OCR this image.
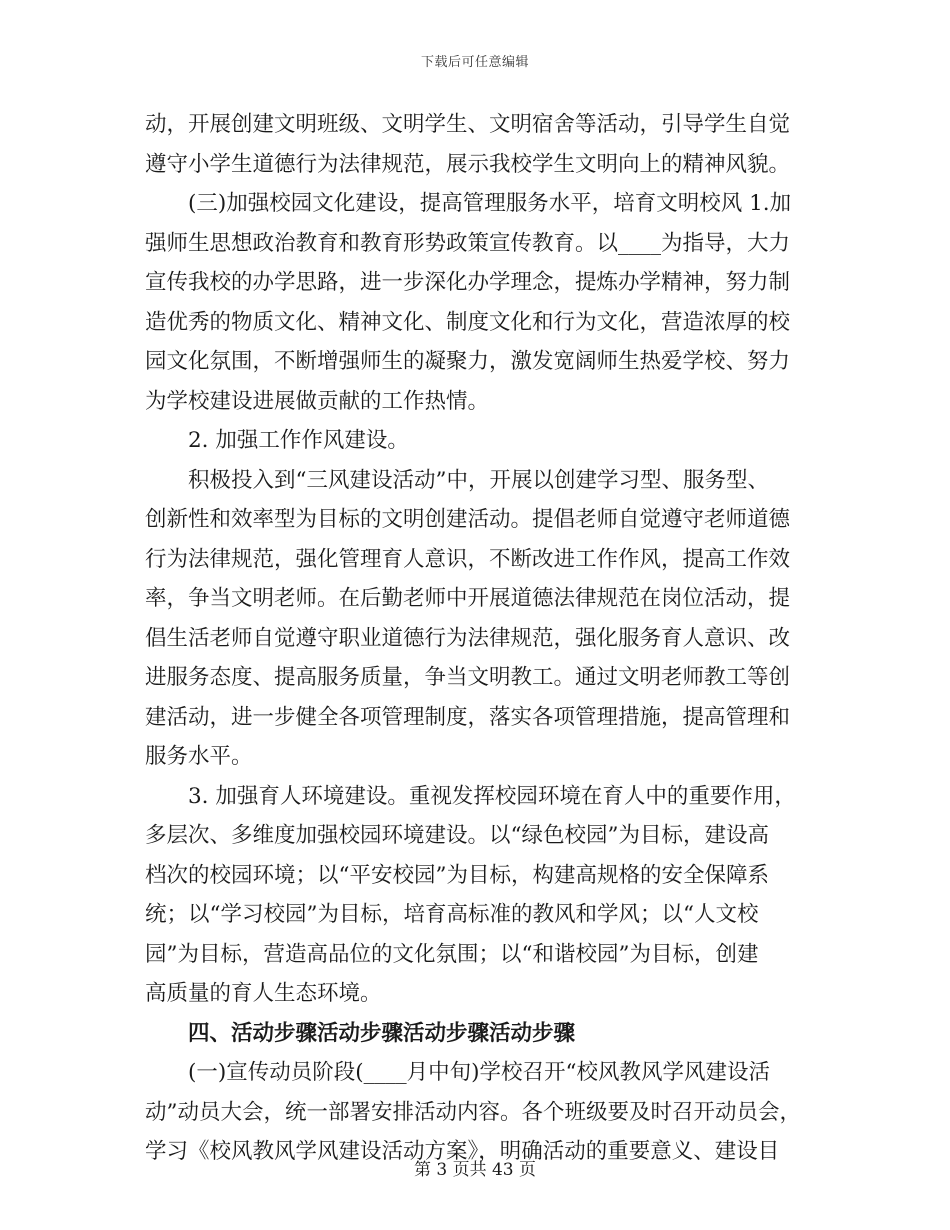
下载后可任意编辑
动，开展创建文明班级、文明学生、文明宿舍等活动，引导学生自觉
遵守小学生道德行为法律规范，展示我校学生文明向上的精神风貌。
(三)加强校园文化建设，提高管理服务水平，培育文明校风 1.加
强师生思想政治教育和教育形势政策宣传教育。以____为指导，大力
宣传我校的办学思路，进一步深化办学理念，提炼办学精神，努力制
造优秀的物质文化、精神文化、制度文化和行为文化，营造浓厚的校
园文化氛围，不断增强师生的凝聚力，激发宽阔师生热爱学校、努力
为学校建设进展做贡献的工作热情。
2. 加强工作作风建设。
积极投入到“三风建设活动”中，开展以创建学习型、服务型、
创新性和效率型为目标的文明创建活动。提倡老师自觉遵守老师道德
行为法律规范，强化管理育人意识，不断改进工作作风，提高工作效
率，争当文明老师。在后勤老师中开展道德法律规范在岗位活动，提
倡生活老师自觉遵守职业道德行为法律规范，强化服务育人意识、改
进服务态度、提高服务质量，争当文明教工。通过文明老师教工等创
建活动，进一步健全各项管理制度，落实各项管理措施，提高管理和
服务水平。
3. 加强育人环境建设。重视发挥校园环境在育人中的重要作用，
多层次、多维度加强校园环境建设。以“绿色校园”为目标，建设高
档次的校园环境；以“平安校园”为目标，构建高规格的安全保障系
统；以“学习校园”为目标，培育高标准的教风和学风；以“人文校
园”为目标，营造高品位的文化氛围；以“和谐校园”为目标，创建
高质量的育人生态环境。
四、活动步骤活动步骤活动步骤活动步骤
(一)宣传动员阶段(____月中旬)学校召开“校风教风学风建设活
动”动员大会，统一部署安排活动内容。各个班级要及时召开动员会，
学习《校风教风学风建设活动方案》，明确活动的重要意义、建设目
第 3 页共 43 页
